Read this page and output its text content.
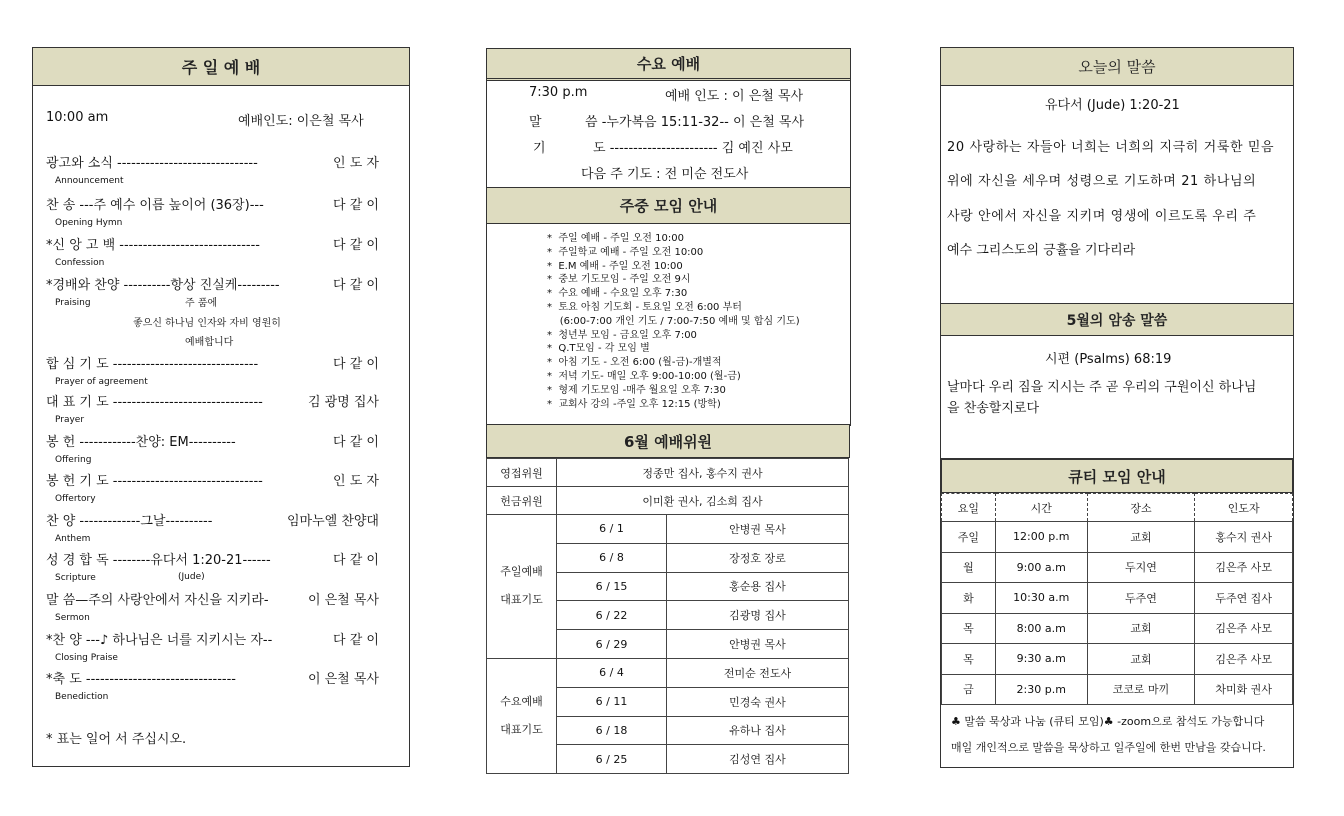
주 일 예 배
10:00 am	예배인도: 이은철 목사
광고와 소식 ------------------------------	인 도 자
Announcement
찬 송 ---주 예수 이름 높이어 (36장)---	다 같 이
Opening Hymn
*신 앙 고 백 ------------------------------	다 같 이
Confession
*경배와 찬양 ----------항상 진실케---------	다 같 이
Praising
합 심 기 도 -------------------------------	다 같 이
Prayer of agreement
대 표 기 도 --------------------------------	김 광명 집사
Prayer
봉 헌 ------------찬양: EM----------	다 같 이
Offering
봉 헌 기 도 --------------------------------	인 도 자
Offertory
찬 양 -------------그날----------	임마누엘 찬양대
Anthem
성 경 합 독 --------유다서 1:20-21------	다 같 이
Scripture
말 씀—주의 사랑안에서 자신을 지키라-	이 은철 목사
Sermon
*찬 양 ---♪ 하나님은 너를 지키시는 자--	다 같 이
Closing Praise
*축 도 --------------------------------	이 은철 목사
Benediction
주 품에
좋으신 하나님 인자와 자비 영원히
예배합니다
(Jude)
* 표는 일어 서 주십시오.
수요 예배
7:30 p.m	예배 인도 : 이 은철 목사
말	씀 -누가복음 15:11-32-- 이 은철 목사
기	도 ----------------------- 김 예진 사모
다음 주 기도 : 전 미순 전도사
주중 모임 안내
*  주일 예배 - 주일 오전 10:00
*  주일학교 예배 - 주일 오전 10:00
*  E.M 예배 - 주일 오전 10:00
*  중보 기도모임 - 주일 오전 9시
*  수요 예배 - 수요일 오후 7:30
*  토요 아침 기도회 - 토요일 오전 6:00 부터
(6:00-7:00 개인 기도 / 7:00-7:50 예배 및 합심 기도)
*  청년부 모임 - 금요일 오후 7:00
*  Q.T모임 - 각 모임 별
*  아침 기도 - 오전 6:00 (월-금)-개별적
*  저녁 기도- 매일 오후 9:00-10:00 (월-금)
*  형제 기도모임 -매주 월요일 오후 7:30
*  교회사 강의 -주일 오후 12:15 (방학)
6월 예배위원
영접위원	정종만 집사, 홍수지 권사	
헌금위원	이미환 권사, 김소희 집사	

주일예배
대표기도	6 / 1	안병권 목사
	6 / 8	장정호 장로
	6 / 15	홍순용 집사
	6 / 22	김광명 집사
	6 / 29	안병권 목사

수요예배
대표기도	6 / 4	전미순 전도사
	6 / 11	민경숙 권사
	6 / 18	유하나 집사
	6 / 25	김성연 집사
오늘의 말씀
유다서 (Jude) 1:20-21
20 사랑하는 자들아 너희는 너희의 지극히 거룩한 믿음
위에 자신을 세우며 성령으로 기도하며 21 하나님의
사랑 안에서 자신을 지키며 영생에 이르도록 우리 주
예수 그리스도의 긍휼을 기다리라
5월의 암송 말씀
시편 (Psalms) 68:19
날마다 우리 짐을 지시는 주 곧 우리의 구원이신 하나님
을 찬송할지로다
큐티 모임 안내
요일	시간	장소	인도자
주일	12:00 p.m	교회	홍수지 권사
월	9:00 a.m	두지연	김은주 사모
화	10:30 a.m	두주연	두주연 집사
목	8:00 a.m	교회	김은주 사모
목	9:30 a.m	교회	김은주 사모
금	2:30 p.m	코코로 마끼	차미화 권사
♣ 말씀 묵상과 나눔 (큐티 모임)♣ -zoom으로 참석도 가능합니다
매일 개인적으로 말씀을 묵상하고 일주일에 한번 만남을 갖습니다.
